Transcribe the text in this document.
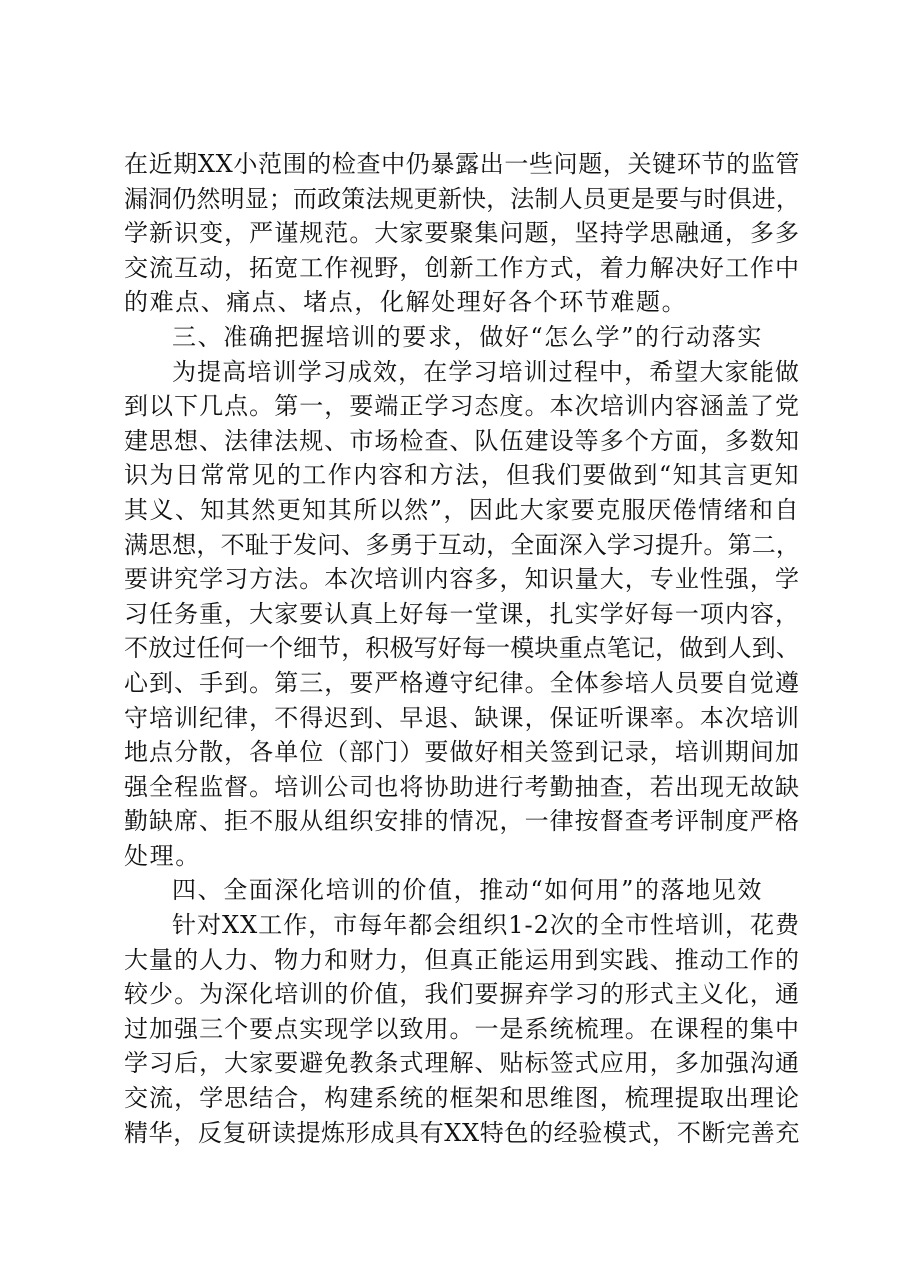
在近期XX小范围的检查中仍暴露出一些问题，关键环节的监管
漏洞仍然明显；而政策法规更新快，法制人员更是要与时俱进，
学新识变，严谨规范。大家要聚集问题，坚持学思融通，多多
交流互动，拓宽工作视野，创新工作方式，着力解决好工作中
的难点、痛点、堵点，化解处理好各个环节难题。
三、准确把握培训的要求，做好“怎么学”的行动落实
为提高培训学习成效，在学习培训过程中，希望大家能做
到以下几点。第一，要端正学习态度。本次培训内容涵盖了党
建思想、法律法规、市场检查、队伍建设等多个方面，多数知
识为日常常见的工作内容和方法，但我们要做到“知其言更知
其义、知其然更知其所以然”，因此大家要克服厌倦情绪和自
满思想，不耻于发问、多勇于互动，全面深入学习提升。第二，
要讲究学习方法。本次培训内容多，知识量大，专业性强，学
习任务重，大家要认真上好每一堂课，扎实学好每一项内容，
不放过任何一个细节，积极写好每一模块重点笔记，做到人到、
心到、手到。第三，要严格遵守纪律。全体参培人员要自觉遵
守培训纪律，不得迟到、早退、缺课，保证听课率。本次培训
地点分散，各单位（部门）要做好相关签到记录，培训期间加
强全程监督。培训公司也将协助进行考勤抽查，若出现无故缺
勤缺席、拒不服从组织安排的情况，一律按督查考评制度严格
处理。
四、全面深化培训的价值，推动“如何用”的落地见效
针对XX工作，市每年都会组织1-2次的全市性培训，花费
大量的人力、物力和财力，但真正能运用到实践、推动工作的
较少。为深化培训的价值，我们要摒弃学习的形式主义化，通
过加强三个要点实现学以致用。一是系统梳理。在课程的集中
学习后，大家要避免教条式理解、贴标签式应用，多加强沟通
交流，学思结合，构建系统的框架和思维图，梳理提取出理论
精华，反复研读提炼形成具有XX特色的经验模式，不断完善充
